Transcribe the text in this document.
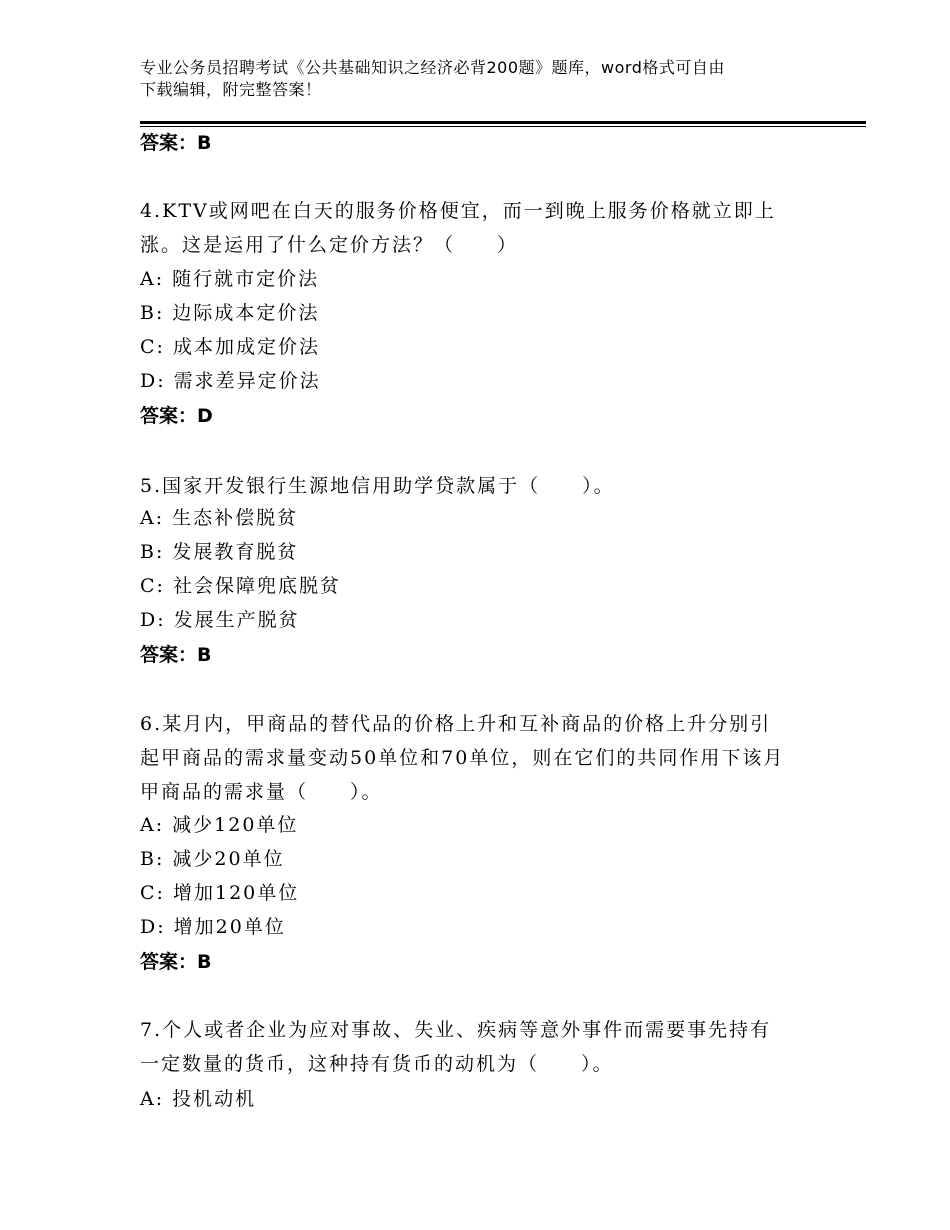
专业公务员招聘考试《公共基础知识之经济必背200题》题库，word格式可自由
下载编辑，附完整答案！
答案：B
4.KTV或网吧在白天的服务价格便宜，而一到晚上服务价格就立即上
涨。这是运用了什么定价方法？（　　）
A: 随行就市定价法
B: 边际成本定价法
C: 成本加成定价法
D: 需求差异定价法
答案：D
5.国家开发银行生源地信用助学贷款属于（　　）。
A: 生态补偿脱贫
B: 发展教育脱贫
C: 社会保障兜底脱贫
D: 发展生产脱贫
答案：B
6.某月内，甲商品的替代品的价格上升和互补商品的价格上升分别引
起甲商品的需求量变动50单位和70单位，则在它们的共同作用下该月
甲商品的需求量（　　）。
A: 减少120单位
B: 减少20单位
C: 增加120单位
D: 增加20单位
答案：B
7.个人或者企业为应对事故、失业、疾病等意外事件而需要事先持有
一定数量的货币，这种持有货币的动机为（　　）。
A: 投机动机
